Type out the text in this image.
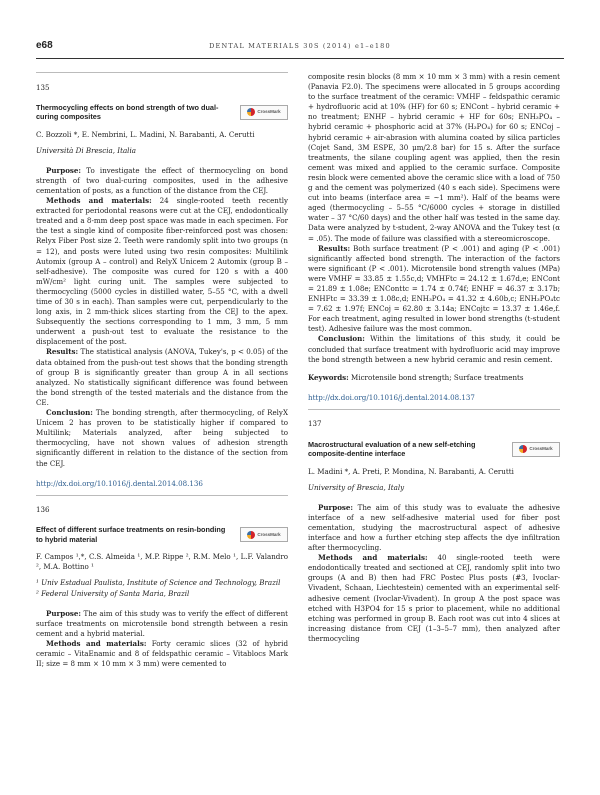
e68	DENTAL MATERIALS 30S (2014) e1–e180

135

Thermocycling effects on bond strength of two dual-curing composites
CrossMark

C. Bozzoli *, E. Nembrini, L. Madini, N. Barabanti, A. Cerutti

Università Di Brescia, Italia

Purpose: To investigate the effect of thermocycling on bond strength of two dual-curing composites, used in the adhesive cementation of posts, as a function of the distance from the CEJ.

Methods and materials: 24 single-rooted teeth recently extracted for periodontal reasons were cut at the CEJ, endodontically treated and a 8-mm deep post space was made in each specimen. For the test a single kind of composite fiber-reinforced post was chosen: Relyx Fiber Post size 2. Teeth were randomly split into two groups (n = 12), and posts were luted using two resin composites: Multilink Automix (group A – control) and RelyX Unicem 2 Automix (group B – self-adhesive). The composite was cured for 120 s with a 400 mW/cm² light curing unit. The samples were subjected to thermocycling (5000 cycles in distilled water, 5–55 °C, with a dwell time of 30 s in each). Than samples were cut, perpendicularly to the long axis, in 2 mm-thick slices starting from the CEJ to the apex. Subsequently the sections corresponding to 1 mm, 3 mm, 5 mm underwent a push-out test to evaluate the resistance to the displacement of the post.

Results: The statistical analysis (ANOVA, Tukey's, p < 0.05) of the data obtained from the push-out test shows that the bonding strength of group B is significantly greater than group A in all sections analyzed. No statistically significant difference was found between the bond strength of the tested materials and the distance from the CE.

Conclusion: The bonding strength, after thermocycling, of RelyX Unicem 2 has proven to be statistically higher if compared to Multilink; Materials analyzed, after being subjected to thermocycling, have not shown values of adhesion strength significantly different in relation to the distance of the section from the CEJ.

http://dx.doi.org/10.1016/j.dental.2014.08.136

136

Effect of different surface treatments on resin-bonding to hybrid material
CrossMark

F. Campos ¹,*, C.S. Almeida ¹, M.P. Rippe ², R.M. Melo ¹, L.F. Valandro ², M.A. Bottino ¹

¹ Univ Estadual Paulista, Institute of Science and Technology, Brazil

² Federal University of Santa Maria, Brazil

Purpose: The aim of this study was to verify the effect of different surface treatments on microtensile bond strength between a resin cement and a hybrid material.

Methods and materials: Forty ceramic slices (32 of hybrid ceramic – VitaEnamic and 8 of feldspathic ceramic – Vitablocs Mark II; size = 8 mm × 10 mm × 3 mm) were cemented to

composite resin blocks (8 mm × 10 mm × 3 mm) with a resin cement (Panavia F2.0). The specimens were allocated in 5 groups according to the surface treatment of the ceramic: VMHF – feldspathic ceramic + hydrofluoric acid at 10% (HF) for 60 s; ENCont – hybrid ceramic + no treatment; ENHF – hybrid ceramic + HF for 60s; ENH₃PO₄ – hybrid ceramic + phosphoric acid at 37% (H₃PO₄) for 60 s; ENCoj – hybrid ceramic + air-abrasion with alumina coated by silica particles (Cojet Sand, 3M ESPE, 30 μm/2.8 bar) for 15 s. After the surface treatments, the silane coupling agent was applied, then the resin cement was mixed and applied to the ceramic surface. Composite resin block were cemented above the ceramic slice with a load of 750 g and the cement was polymerized (40 s each side). Specimens were cut into beams (interface area = ~1 mm²). Half of the beams were aged (thermocycling – 5–55 °C/6000 cycles + storage in distilled water – 37 °C/60 days) and the other half was tested in the same day. Data were analyzed by t-student, 2-way ANOVA and the Tukey test (α = .05). The mode of failure was classified with a stereomicroscope.

Results: Both surface treatment (P < .001) and aging (P < .001) significantly affected bond strength. The interaction of the factors were significant (P < .001). Microtensile bond strength values (MPa) were VMHF = 33.85 ± 1.55c,d; VMHFtc = 24.12 ± 1.67d,e; ENCont = 21.89 ± 1.08e; ENConttc = 1.74 ± 0.74f; ENHF = 46.37 ± 3.17b; ENHFtc = 33.39 ± 1.08c,d; ENH₃PO₄ = 41.32 ± 4.60b,c; ENH₃PO₄tc = 7.62 ± 1.97f; ENCoj = 62.80 ± 3.14a; ENCojtc = 13.37 ± 1.46e,f. For each treatment, aging resulted in lower bond strengths (t-student test). Adhesive failure was the most common.

Conclusion: Within the limitations of this study, it could be concluded that surface treatment with hydrofluoric acid may improve the bond strength between a new hybrid ceramic and resin cement.

Keywords: Microtensile bond strength; Surface treatments

http://dx.doi.org/10.1016/j.dental.2014.08.137

137

Macrostructural evaluation of a new self-etching composite-dentine interface
CrossMark

L. Madini *, A. Preti, P. Mondina, N. Barabanti, A. Cerutti

University of Brescia, Italy

Purpose: The aim of this study was to evaluate the adhesive interface of a new self-adhesive material used for fiber post cementation, studying the macrostructural aspect of adhesive interface and how a further etching step affects the dye infiltration after thermocycling.

Methods and materials: 40 single-rooted teeth were endodontically treated and sectioned at CEJ, randomly split into two groups (A and B) then had FRC Postec Plus posts (#3, Ivoclar-Vivadent, Schaan, Liechtestein) cemented with an experimental self-adhesive cement (Ivoclar-Vivadent). In group A the post space was etched with H3PO4 for 15 s prior to placement, while no additional etching was performed in group B. Each root was cut into 4 slices at increasing distance from CEJ (1–3–5–7 mm), then analyzed after thermocycling
